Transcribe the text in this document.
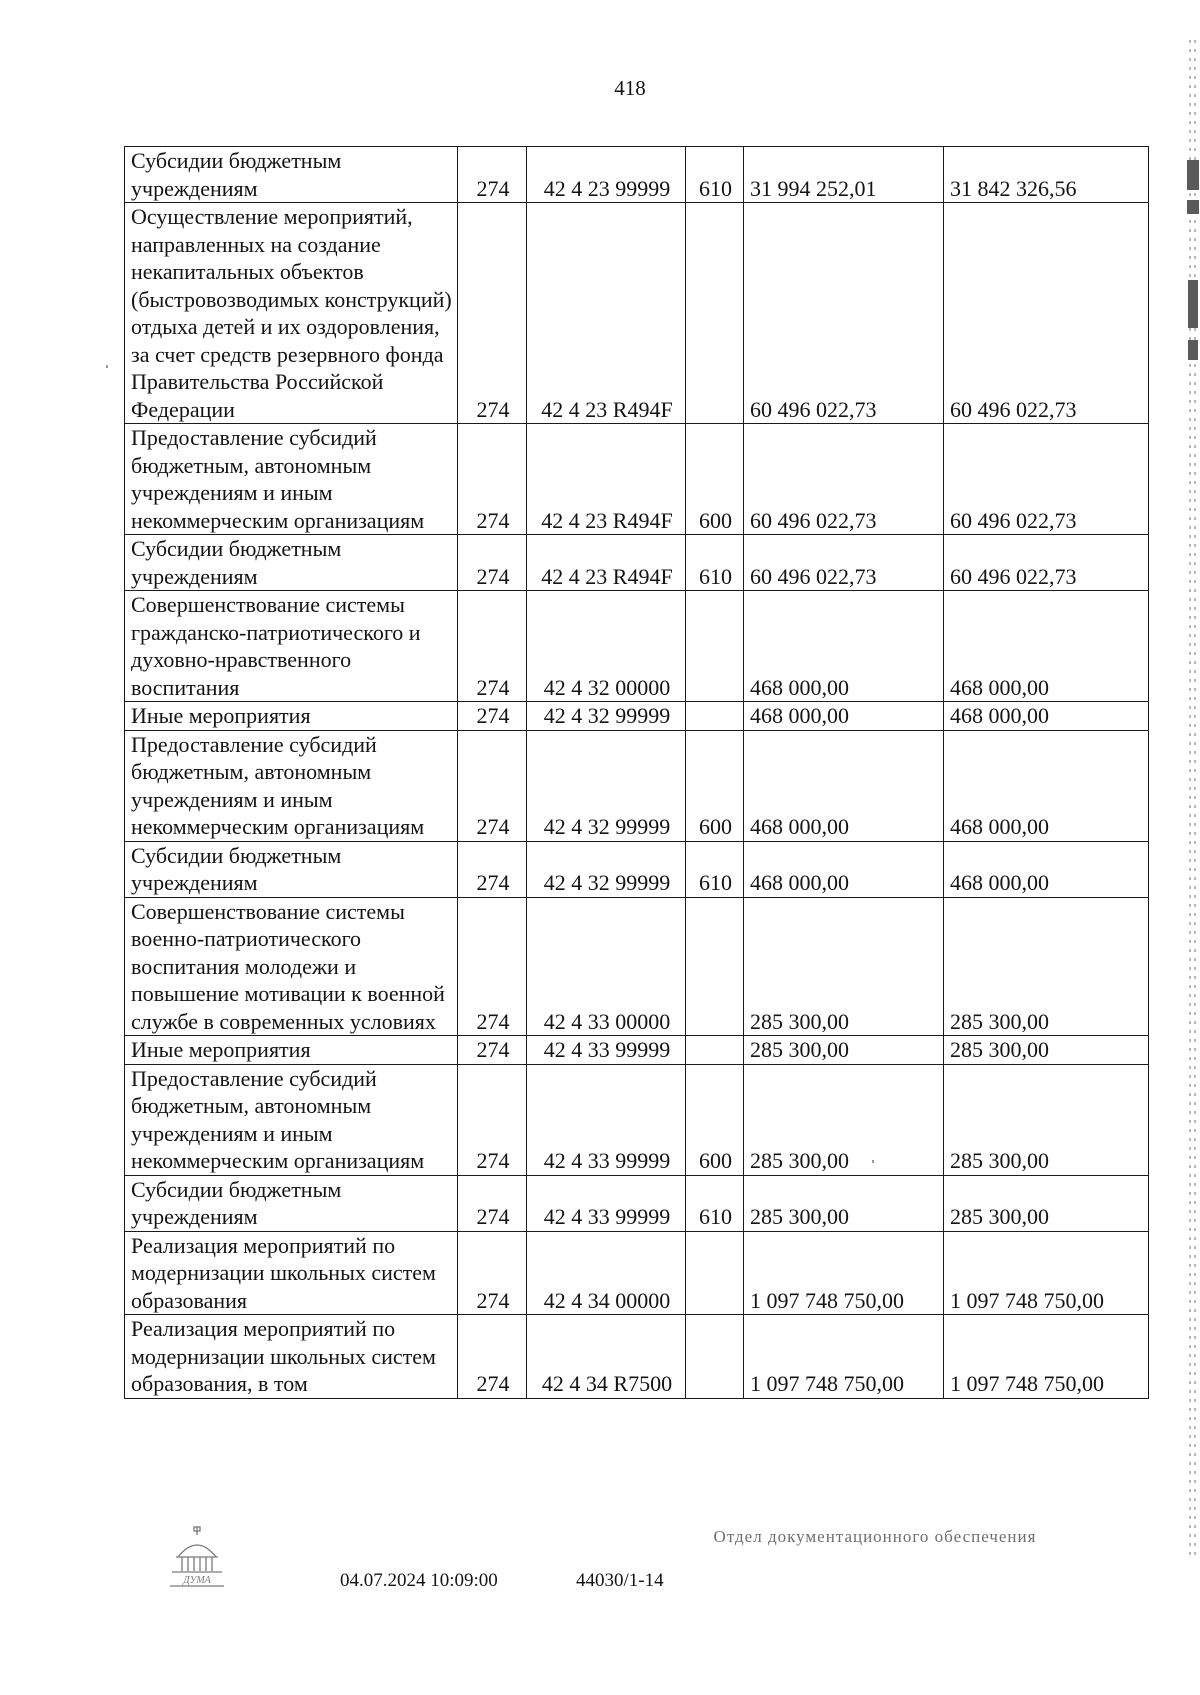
418
Субсидии бюджетным учреждениям	274	42 4 23 99999	610	31 994 252,01	31 842 326,56
Осуществление мероприятий, направленных на создание некапитальных объектов (быстровозводимых конструкций) отдыха детей и их оздоровления, за счет средств резервного фонда Правительства Российской Федерации	274	42 4 23 R494F		60 496 022,73	60 496 022,73
Предоставление субсидий бюджетным, автономным учреждениям и иным некоммерческим организациям	274	42 4 23 R494F	600	60 496 022,73	60 496 022,73
Субсидии бюджетным учреждениям	274	42 4 23 R494F	610	60 496 022,73	60 496 022,73
Совершенствование системы гражданско-патриотического и духовно-нравственного воспитания	274	42 4 32 00000		468 000,00	468 000,00
Иные мероприятия	274	42 4 32 99999		468 000,00	468 000,00
Предоставление субсидий бюджетным, автономным учреждениям и иным некоммерческим организациям	274	42 4 32 99999	600	468 000,00	468 000,00
Субсидии бюджетным учреждениям	274	42 4 32 99999	610	468 000,00	468 000,00
Совершенствование системы военно-патриотического воспитания молодежи и повышение мотивации к военной службе в современных условиях	274	42 4 33 00000		285 300,00	285 300,00
Иные мероприятия	274	42 4 33 99999		285 300,00	285 300,00
Предоставление субсидий бюджетным, автономным учреждениям и иным некоммерческим организациям	274	42 4 33 99999	600	285 300,00	285 300,00
Субсидии бюджетным учреждениям	274	42 4 33 99999	610	285 300,00	285 300,00
Реализация мероприятий по модернизации школьных систем образования	274	42 4 34 00000		1 097 748 750,00	1 097 748 750,00
Реализация мероприятий по модернизации школьных систем образования, в том	274	42 4 34 R7500		1 097 748 750,00	1 097 748 750,00
ДУМА	04.07.2024 10:09:00	44030/1-14
Отдел документационного обеспечения
